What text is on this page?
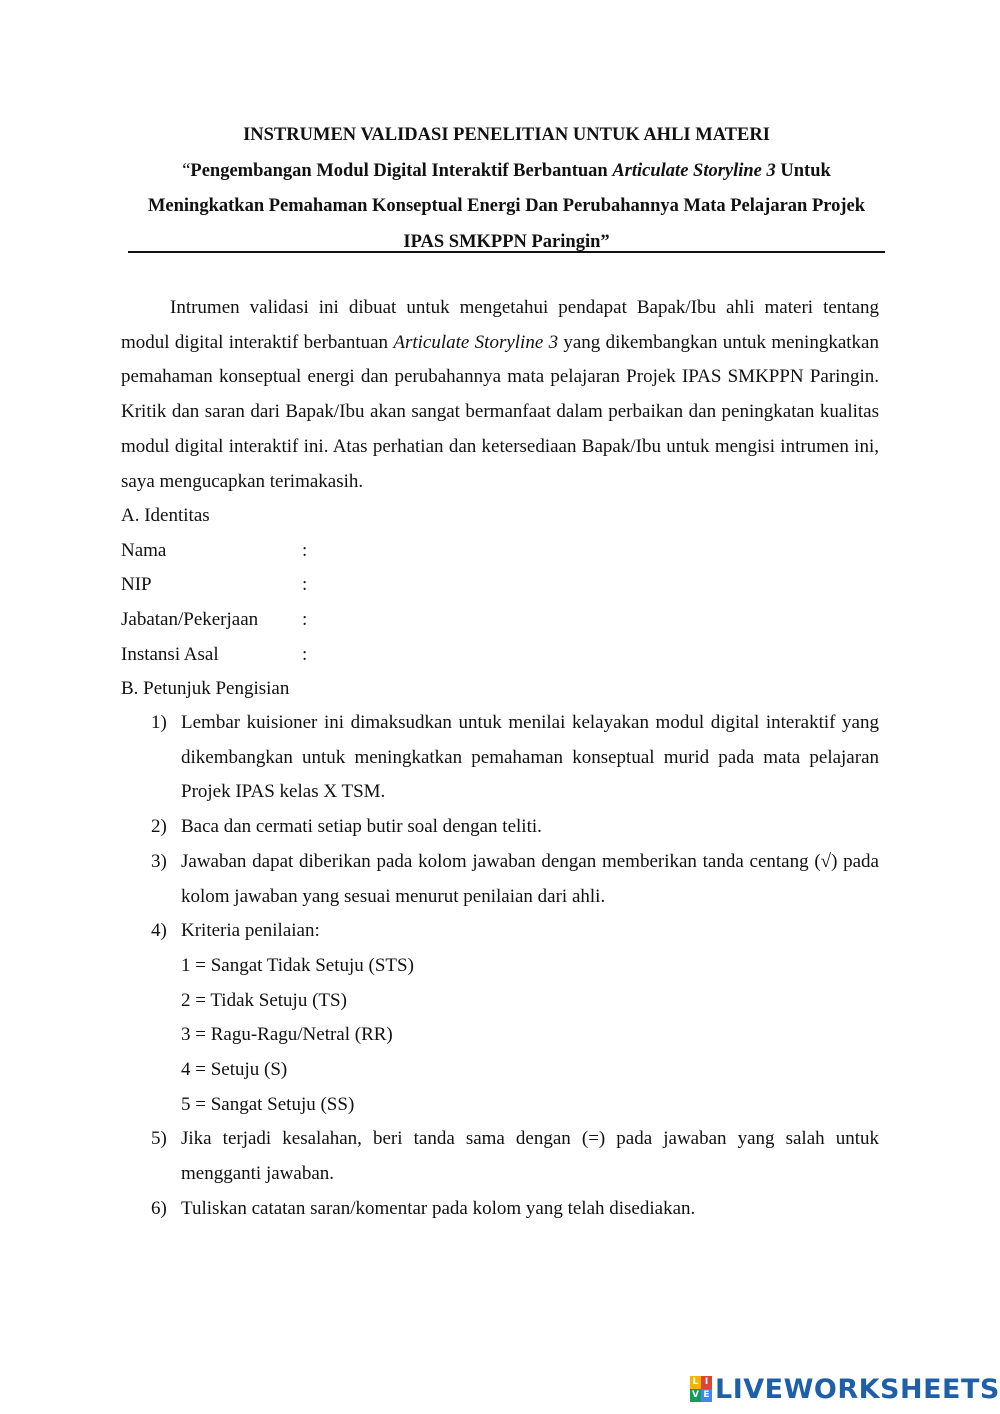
INSTRUMEN VALIDASI PENELITIAN UNTUK AHLI MATERI
“Pengembangan Modul Digital Interaktif Berbantuan Articulate Storyline 3 Untuk Meningkatkan Pemahaman Konseptual Energi Dan Perubahannya Mata Pelajaran Projek IPAS SMKPPN Paringin”

Intrumen validasi ini dibuat untuk mengetahui pendapat Bapak/Ibu ahli materi tentang modul digital interaktif berbantuan Articulate Storyline 3 yang dikembangkan untuk meningkatkan pemahaman konseptual energi dan perubahannya mata pelajaran Projek IPAS SMKPPN Paringin. Kritik dan saran dari Bapak/Ibu akan sangat bermanfaat dalam perbaikan dan peningkatan kualitas modul digital interaktif ini. Atas perhatian dan ketersediaan Bapak/Ibu untuk mengisi intrumen ini, saya mengucapkan terimakasih.

A. Identitas
Nama	:
NIP	:
Jabatan/Pekerjaan :
Instansi Asal	:
B. Petunjuk Pengisian
1) Lembar kuisioner ini dimaksudkan untuk menilai kelayakan modul digital interaktif yang dikembangkan untuk meningkatkan pemahaman konseptual murid pada mata pelajaran Projek IPAS kelas X TSM.
2) Baca dan cermati setiap butir soal dengan teliti.
3) Jawaban dapat diberikan pada kolom jawaban dengan memberikan tanda centang (√) pada kolom jawaban yang sesuai menurut penilaian dari ahli.
4) Kriteria penilaian:
1 = Sangat Tidak Setuju (STS)
2 = Tidak Setuju (TS)
3 = Ragu-Ragu/Netral (RR)
4 = Setuju (S)
5 = Sangat Setuju (SS)
5) Jika terjadi kesalahan, beri tanda sama dengan (=) pada jawaban yang salah untuk mengganti jawaban.
6) Tuliskan catatan saran/komentar pada kolom yang telah disediakan.
L I
V E LIVEWORKSHEETS
